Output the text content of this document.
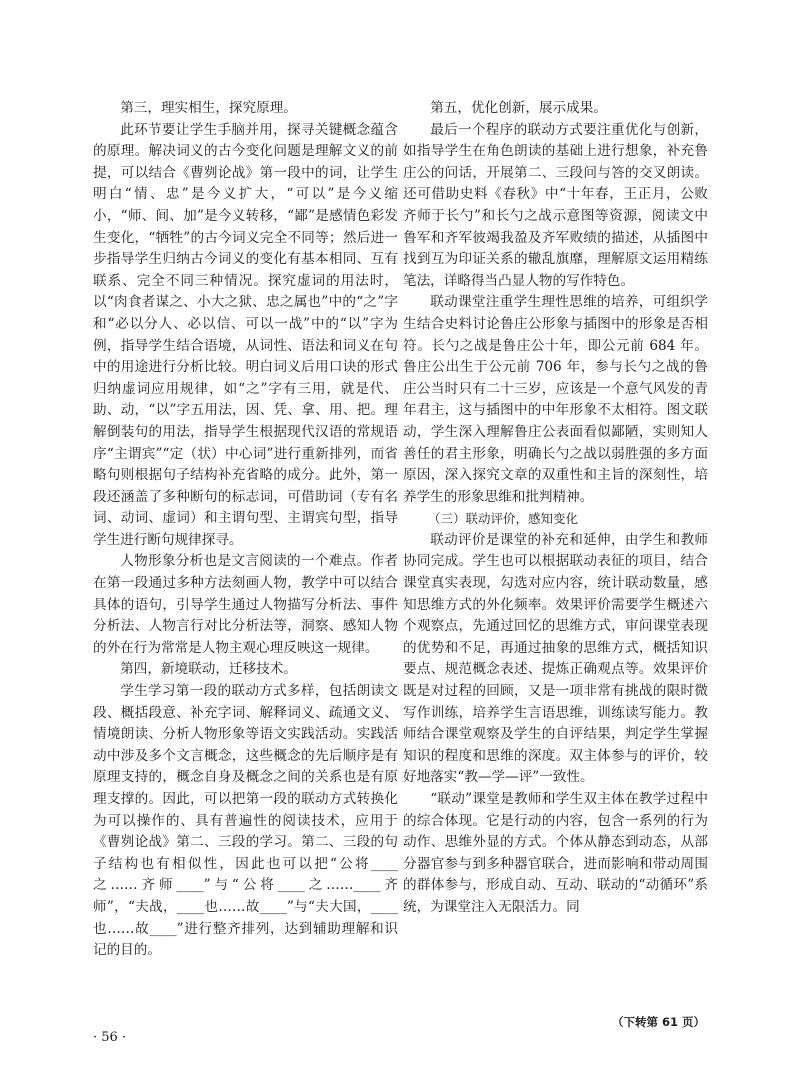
第三，理实相生，探究原理。

此环节要让学生手脑并用，探寻关键概念蕴含的原理。解决词义的古今变化问题是理解文义的前提，可以结合《曹刿论战》第一段中的词，让学生明白“情、忠”是今义扩大，“可以”是今义缩小，“师、间、加”是今义转移，“鄙”是感情色彩发生变化，“牺牲”的古今词义完全不同等；然后进一步指导学生归纳古今词义的变化有基本相同、互有联系、完全不同三种情况。探究虚词的用法时，以“肉食者谋之、小大之狱、忠之属也”中的“之”字和“必以分人、必以信、可以一战”中的“以”字为例，指导学生结合语境，从词性、语法和词义在句中的用途进行分析比较。明白词义后用口诀的形式归纳虚词应用规律，如“之”字有三用，就是代、助、动，“以”字五用法，因、凭、拿、用、把。理解倒装句的用法，指导学生根据现代汉语的常规语序“主谓宾”“定（状）中心词”进行重新排列，而省略句则根据句子结构补充省略的成分。此外，第一段还涵盖了多种断句的标志词，可借助词（专有名词、动词、虚词）和主谓句型、主谓宾句型，指导学生进行断句规律探寻。

人物形象分析也是文言阅读的一个难点。作者在第一段通过多种方法刻画人物，教学中可以结合具体的语句，引导学生通过人物描写分析法、事件分析法、人物言行对比分析法等，洞察、感知人物的外在行为常常是人物主观心理反映这一规律。

第四，新境联动，迁移技术。

学生学习第一段的联动方式多样，包括朗读文段、概括段意、补充字词、解释词义、疏通文义、情境朗读、分析人物形象等语文实践活动。实践活动中涉及多个文言概念，这些概念的先后顺序是有原理支持的，概念自身及概念之间的关系也是有原理支撑的。因此，可以把第一段的联动方式转换化为可以操作的、具有普遍性的阅读技术，应用于《曹刿论战》第二、三段的学习。第二、三段的句子结构也有相似性，因此也可以把“公将____之……齐师____”与“公将____之……____齐师”，“夫战，____也……故____”与“夫大国，____也……故____”进行整齐排列，达到辅助理解和识记的目的。

第五，优化创新，展示成果。

最后一个程序的联动方式要注重优化与创新，如指导学生在角色朗读的基础上进行想象，补充鲁庄公的问话，开展第二、三段问与答的交叉朗读。还可借助史料《春秋》中“十年春，王正月，公败齐师于长勺”和长勺之战示意图等资源，阅读文中鲁军和齐军彼竭我盈及齐军败绩的描述，从插图中找到互为印证关系的辙乱旗靡，理解原文运用精练笔法，详略得当凸显人物的写作特色。

联动课堂注重学生理性思维的培养，可组织学生结合史料讨论鲁庄公形象与插图中的形象是否相符。长勺之战是鲁庄公十年，即公元前 684 年。鲁庄公出生于公元前 706 年，参与长勺之战的鲁庄公当时只有二十三岁，应该是一个意气风发的青年君主，这与插图中的中年形象不太相符。图文联动，学生深入理解鲁庄公表面看似鄙陋，实则知人善任的君主形象，明确长勺之战以弱胜强的多方面原因，深入探究文章的双重性和主旨的深刻性，培养学生的形象思维和批判精神。

（三）联动评价，感知变化

联动评价是课堂的补充和延伸，由学生和教师协同完成。学生也可以根据联动表征的项目，结合课堂真实表现，勾选对应内容，统计联动数量，感知思维方式的外化频率。效果评价需要学生概述六个观察点，先通过回忆的思维方式，审问课堂表现的优势和不足，再通过抽象的思维方式，概括知识要点、规范概念表述、提炼正确观点等。效果评价既是对过程的回顾，又是一项非常有挑战的限时微写作训练，培养学生言语思维，训练读写能力。教师结合课堂观察及学生的自评结果，判定学生掌握知识的程度和思维的深度。双主体参与的评价，较好地落实“教—学—评”一致性。

“联动”课堂是教师和学生双主体在教学过程中的综合体现。它是行动的内容，包含一系列的行为动作、思维外显的方式。个体从静态到动态，从部分器官参与到多种器官联合，进而影响和带动周围的群体参与，形成自动、互动、联动的“动循环”系统，为课堂注入无限活力。同

（下转第 61 页）
· 56 ·
